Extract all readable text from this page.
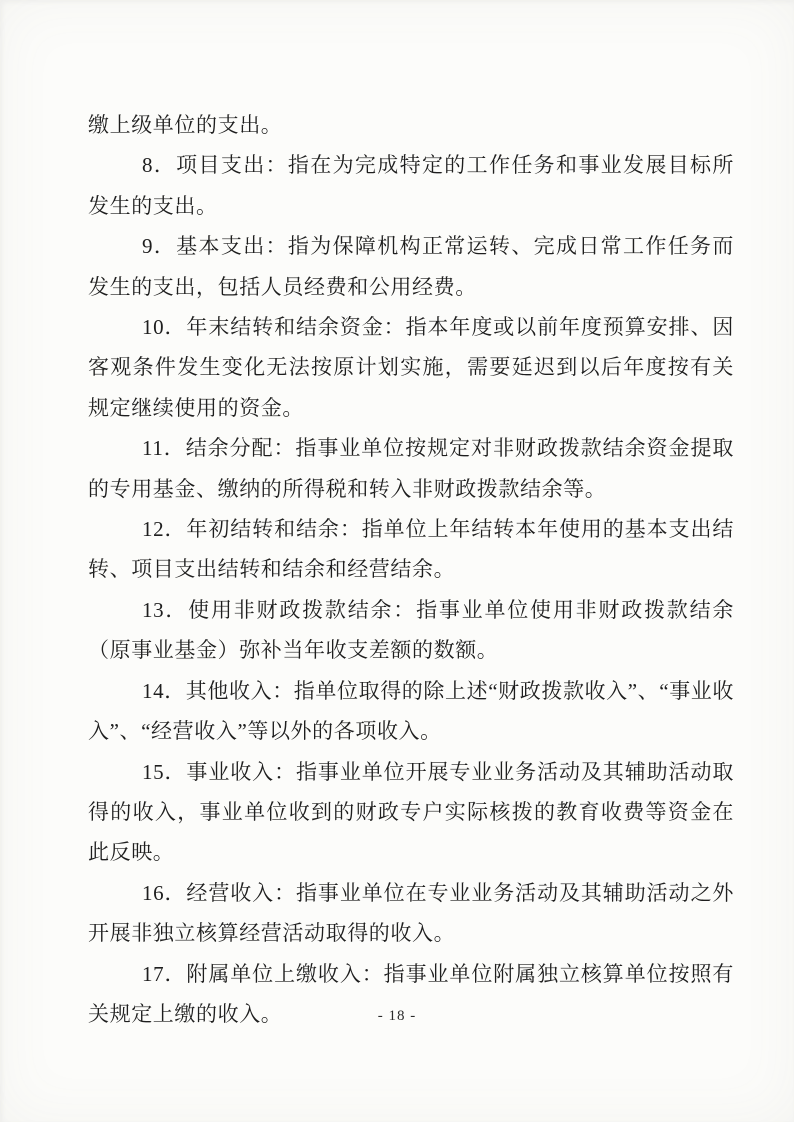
缴上级单位的支出。

8．项目支出：指在为完成特定的工作任务和事业发展目标所发生的支出。

9．基本支出：指为保障机构正常运转、完成日常工作任务而发生的支出，包括人员经费和公用经费。

10．年末结转和结余资金：指本年度或以前年度预算安排、因客观条件发生变化无法按原计划实施，需要延迟到以后年度按有关规定继续使用的资金。

11．结余分配：指事业单位按规定对非财政拨款结余资金提取的专用基金、缴纳的所得税和转入非财政拨款结余等。

12．年初结转和结余：指单位上年结转本年使用的基本支出结转、项目支出结转和结余和经营结余。

13．使用非财政拨款结余：指事业单位使用非财政拨款结余（原事业基金）弥补当年收支差额的数额。

14．其他收入：指单位取得的除上述“财政拨款收入”、“事业收入”、“经营收入”等以外的各项收入。

15．事业收入：指事业单位开展专业业务活动及其辅助活动取得的收入，事业单位收到的财政专户实际核拨的教育收费等资金在此反映。

16．经营收入：指事业单位在专业业务活动及其辅助活动之外开展非独立核算经营活动取得的收入。

17．附属单位上缴收入：指事业单位附属独立核算单位按照有关规定上缴的收入。	- 18 -
